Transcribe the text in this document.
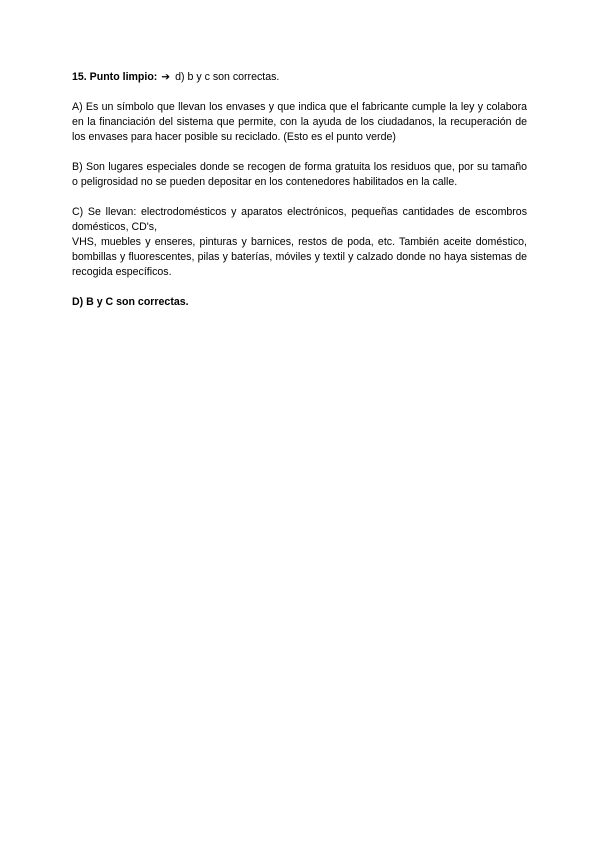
15. Punto limpio: ➔ d) b y c son correctas.

A) Es un símbolo que llevan los envases y que indica que el fabricante cumple la ley y colabora en la financiación del sistema que permite, con la ayuda de los ciudadanos, la recuperación de los envases para hacer posible su reciclado. (Esto es el punto verde)

B) Son lugares especiales donde se recogen de forma gratuita los residuos que, por su tamaño o peligrosidad no se pueden depositar en los contenedores habilitados en la calle.

C) Se llevan: electrodomésticos y aparatos electrónicos, pequeñas cantidades de escombros domésticos, CD's,
VHS, muebles y enseres, pinturas y barnices, restos de poda, etc. También aceite doméstico, bombillas y fluorescentes, pilas y baterías, móviles y textil y calzado donde no haya sistemas de recogida específicos.

D) B y C son correctas.
